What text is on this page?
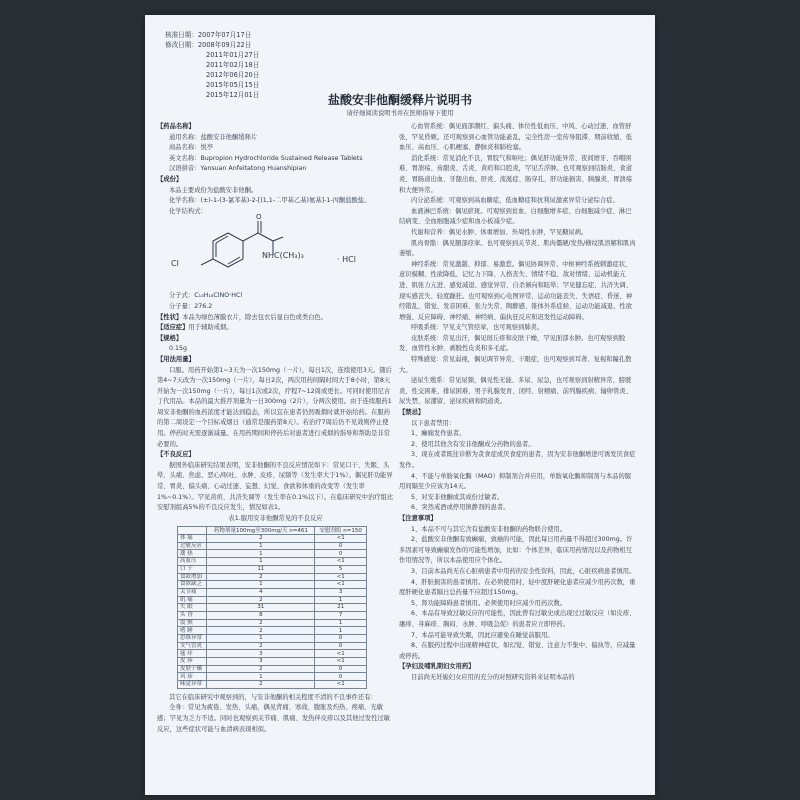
核准日期：2007年07月17日
修改日期：2008年09月22日
2011年01月27日
2011年02月18日
2012年06月20日
2015年05月15日
2015年12月01日	盐酸安非他酮缓释片说明书
请仔细阅读说明书并在医师指导下使用

【药品名称】

通用名称：盐酸安非他酮缓释片

商品名称：悦亭

英文名称：Bupropion Hydrochloride Sustained Release Tablets

汉语拼音：Yansuan Anfeitatong Huanshipian

【成份】

本品主要成份为盐酸安非他酮。

化学名称：(±)-1-(3-氯苯基)-2-[(1,1-二甲基乙基)氨基]-1-丙酮盐酸盐。

化学结构式：

O
NHC(CH₃)₃
Cl	· HCl

分子式：C₁₃H₁₈ClNO·HCl

分子量：276.2

【性状】本品为绿色薄膜衣片，除去包衣后显白色或类白色。

【适应症】用于辅助戒烟。

【规格】

0.15g

【用法用量】

口服。用药开始第1~3天为一次150mg（一片），每日1次，连续使用3天。随后第4~7天改为一次150mg（一片），每日2次，两次用药间隔时间大于8小时，第8天开始为一次150mg（一片），每日1次或2次，疗程7~12周或更长。可同时使用尼古丁代用品。本品的最大推荐剂量为一日300mg（2片），分两次使用。由于连续服药1周安非他酮的血药浓度才能达到稳态，所以宜在患者仍然吸烟时就开始给药。在服药的第二周设定一个目标戒烟日（通常是服药第8天）。若治疗7周后仍不见效则停止使用。停药时无需逐渐减量。在用药期间和停药后对患者进行戒烟的指导和帮助是非常必要的。

【不良反应】

据国外临床研究结果表明，安非他酮的不良反应情况如下：常见口干、失眠、头晕、头痛、焦虑、恶心/呕吐、水肿、皮疹、尿频等（发生率大于1%）。偶见肝功能异常、胃炎、偏头痛、心动过速、妄想、幻觉、食欲和体重的改变等（发生率1%~0.1%）。罕见黄疸、共济失调等（发生率在0.1%以下）。在临床研究中治疗组比安慰剂组高5%的不良反应发生，情况如表1。

表1.服用安非他酮常见的不良反应

	药物剂量100mg至300mg/天 n=461	安慰剂组 n=150
体 痛	2	<1
过敏反应	1	0
潮 热	1	0
高血压	1	<1
口 干	11	5
食欲增加	2	<1
食欲缺乏	1	<1
关节痛	4	3
肌 痛	2	1
失 眠	31	21
头 昏	8	7
震 颤	2	1
嗜 睡	2	1
思维异常	1	0
支气管炎	2	0
瘙 痒	3	<1
皮 疹	3	<1
皮肤干燥	2	0
风 疹	1	0
味觉异常	2	<1

其它在临床研究中观察到的，与安非他酮的相关程度不清的不良事件还有：

全身：常见为疲倦、发热、头痛，偶见背痛、寒战、腹胀及灼热、疼痛、光敏感；罕见为乏力不适。同时也观察到关节痛、肌痛、发热伴皮疹以及其他过发性过敏反应，这些症状可能与血清病表现相似。

心血管系统：偶见面部潮红、偏头痛、体位性低血压、中风、心动过速、血管舒张，罕见昏厥。还可观察到心血管功能紊乱，完全性房一室传导阻滞、期前收缩、低血压、高血压、心肌梗塞、静脉炎和肺栓塞。

消化系统：常见消化不良，胃脘气和呕吐；偶见肝功能异常、夜间磨牙、吞咽困难、胃溃疡、齿龈炎、舌炎、黄疸和口腔炎，罕见舌浮肿。也可观察到结肠炎、食道炎、胃肠道出血、牙龈出血、肝炎、流涎症、肠穿孔、肝功能损害、胰腺炎、胃溃疡和大便异常。

内分泌系统：可观察到高血糖症，低血糖症和抗利尿激素异常分泌综合症。

血液淋巴系统：偶见瘀斑。可观察到贫血、白细胞增多症、白细胞减少症、淋巴结病变、全血细胞减少症和血小板减少症。

代谢和营养：偶见水肿、体重增加、外周性水肿，罕见糖尿病。

肌肉骨骼：偶见腿部痉挛。也可观察到关节炎、肌肉僵硬/发热/横纹肌溶解和肌肉萎缩。

神经系统：常见激越、抑郁、易激惹。偶见协调异常、中枢神经系统刺激症状、意识模糊、性欲降低、记忆力下降、人格丧失、情绪不稳、敌对情绪、运动机能亢进、肌张力亢进、感觉减退、感觉异常、自杀倾向和眩晕；罕见健忘症、共济失调、现实感丧失、轻度躁狂。也可观察到心电图异常、运动功能丧失、失语症、昏迷、神经错乱、错觉、发音困难、张力失常、陶醉感、锥体外系症候、运动功能减退、性欲增强、反应障碍、神经痛、神经病、偏执狂反应和迟发性运动障碍。

呼吸系统：罕见支气管痉挛，也可观察到肺炎。

皮肤系统：常见出汗，偶见斑丘疹和皮肤干燥，罕见面部水肿。也可观察到脱发、血管性水肿、剥脱性皮炎和多毛症。

特殊感觉：常见弱视，偶见调节异常、干眼症，也可观察到耳聋、复视和瞳孔散大。

泌尿生殖系：常见尿频，偶见性无能、多尿、尿急，也可观察到射精异常、膀胱炎、性交困难、排尿困难、男子乳腺发育、闭经、射精痛、前列腺疾病、输卵管炎、尿失禁、尿潴留、泌尿疾病和阴道炎。

【禁忌】

以下患者禁用：

1、癫痫发作患者。

2、使用其他含有安非他酮成分药物的患者。

3、现在或者既往诊断为贪食症或厌食症的患者，因为安非他酮增进可诱发厌食症发作。

4、不能与单胺氧化酶（MAO）抑制剂合并应用，单胺氧化酶抑制剂与本品的服用间隔至少应该为14天。

5、对安非他酮或其成份过敏者。

6、突然戒酒或停用镇静剂的患者。

【注意事项】

1、本品不可与其它含有盐酸安非他酮的药物联合使用。

2、盐酸安非他酮有致癫痫，致癌的可能，因此每日用药量不得超过300mg。许多因素可导致癫痫发作的可能性增加，比如：个体差异，临床用药情况以及药物相互作用情况等，所以本品使用应个体化。

3、目前本品尚无在心脏病患者中用药的安全性资料，因此，心脏疾病患者慎用。

4、肝脏损害的患者慎用。在必须使用时，轻中度肝硬化患者应减少用药次数，重度肝硬化患者隔日总药量不应超过150mg。

5、肾功能障碍患者慎用。必须使用时应减少用药次数。

6、本品有导致过敏反应的可能性，因此曾有过敏史或出现过过敏反应（如皮疹、瘙痒、荨麻疹、胸闷、水肿、呼吸急促）的患者应立即停药。

7、本品可能导致失眠，因此应避免在睡觉前服用。

8、在服药过程中出现精神症状，如幻觉、错觉、注意力不集中、偏执等，应减量或停药。

【孕妇及哺乳期妇女用药】

目前尚无妊娠妇女应用的充分的对照研究资料来证明本品的
